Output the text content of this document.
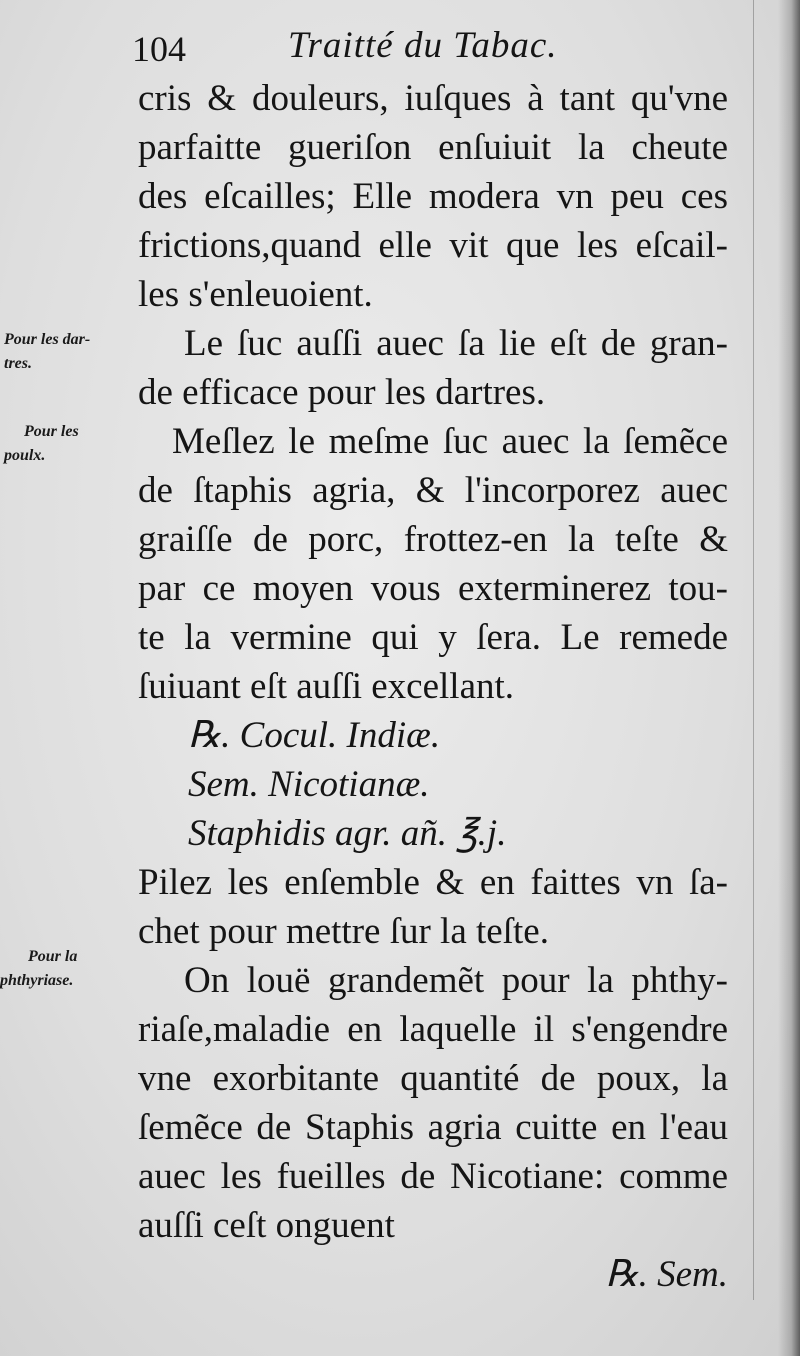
104	Traitté du Tabac.
Pour les dar-
tres.
Pour les
poulx.
Pour la
phthyriase.
cris & douleurs, iuſques à tant qu'vne
parfaitte gueriſon enſuiuit la cheute
des eſcailles; Elle modera vn peu ces
frictions,quand elle vit que les eſcail-
les s'enleuoient.
Le ſuc auſſi auec ſa lie eſt de gran-
de efficace pour les dartres.
Meſlez le meſme ſuc auec la ſemẽce
de ſtaphis agria, & l'incorporez auec
graiſſe de porc, frottez-en la teſte &
par ce moyen vous exterminerez tou-
te la vermine qui y ſera. Le remede
ſuiuant eſt auſſi excellant.
℞. Cocul. Indiæ.
Sem. Nicotianæ.
Staphidis agr. añ. ℥.j.
Pilez les enſemble & en faittes vn ſa-
chet pour mettre ſur la teſte.
On louë grandemẽt pour la phthy-
riaſe,maladie en laquelle il s'engendre
vne exorbitante quantité de poux, la
ſemẽce de Staphis agria cuitte en l'eau
auec les fueilles de Nicotiane: comme
auſſi ceſt onguent
℞. Sem.
